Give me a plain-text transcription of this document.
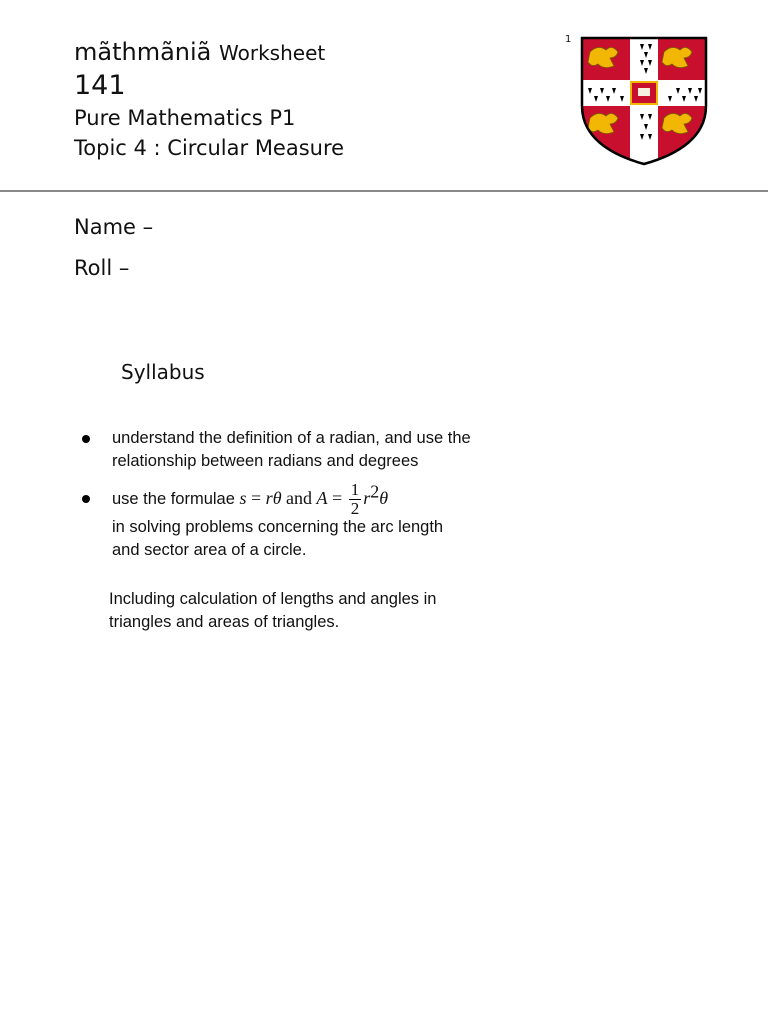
mãthmãniã Worksheet
141
Pure Mathematics P1
Topic 4 : Circular Measure
1
Name –
Roll –
Syllabus
understand the definition of a radian, and use the
relationship between radians and degrees
use the formulae s = rθ and $A = \frac{1}{2} r^2\theta$
in solving problems concerning the arc length
and sector area of a circle.
Including calculation of lengths and angles in
triangles and areas of triangles.
